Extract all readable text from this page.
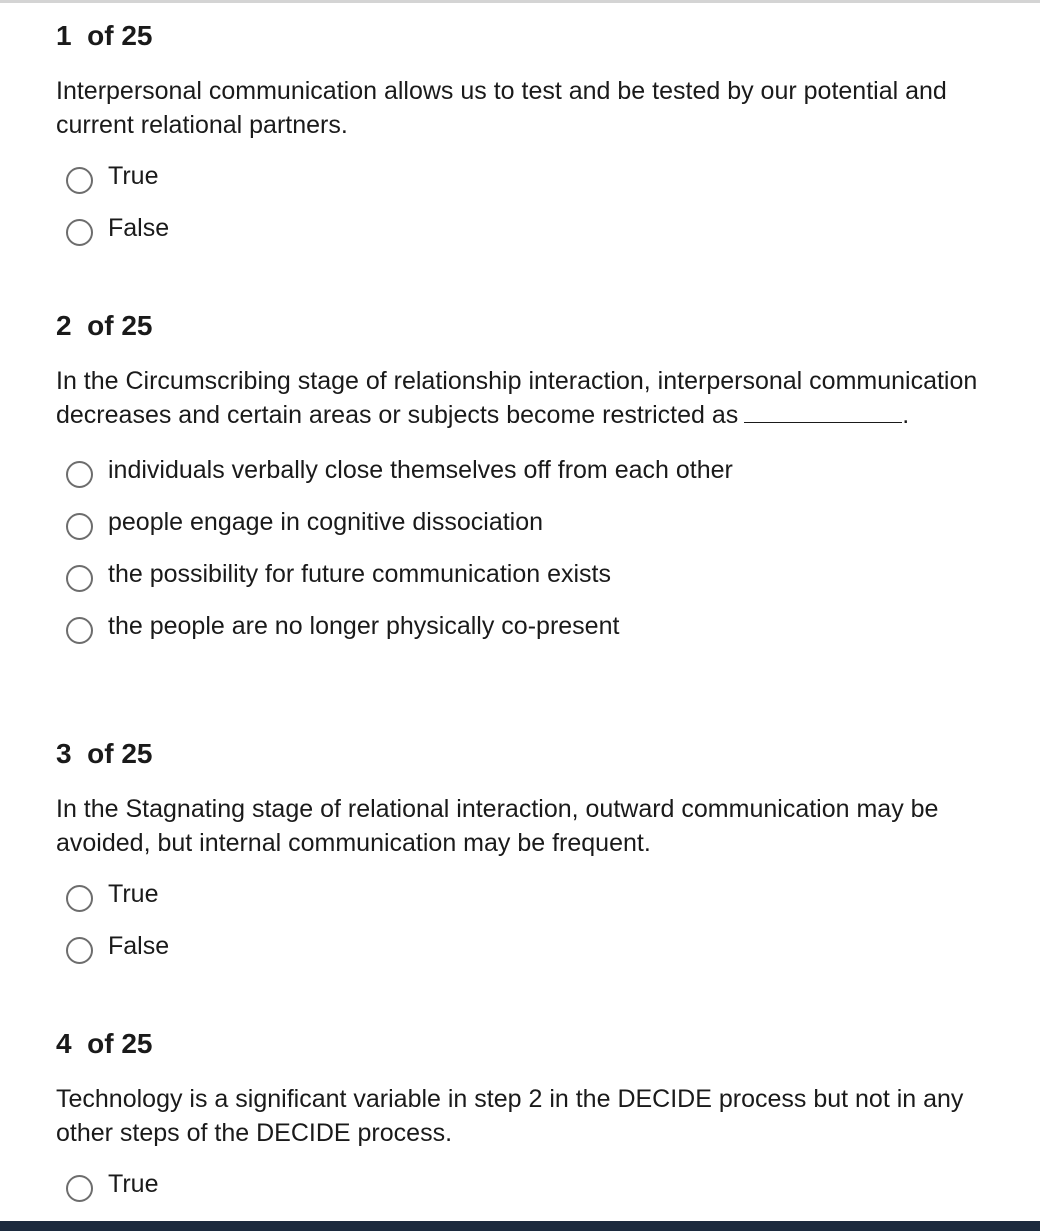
1  of 25

Interpersonal communication allows us to test and be tested by our potential and current relational partners.

True
False
2  of 25

In the Circumscribing stage of relationship interaction, interpersonal communication decreases and certain areas or subjects become restricted as	.

individuals verbally close themselves off from each other
people engage in cognitive dissociation
the possibility for future communication exists
the people are no longer physically co-present
3  of 25

In the Stagnating stage of relational interaction, outward communication may be avoided, but internal communication may be frequent.

True
False
4  of 25

Technology is a significant variable in step 2 in the DECIDE process but not in any other steps of the DECIDE process.

True
